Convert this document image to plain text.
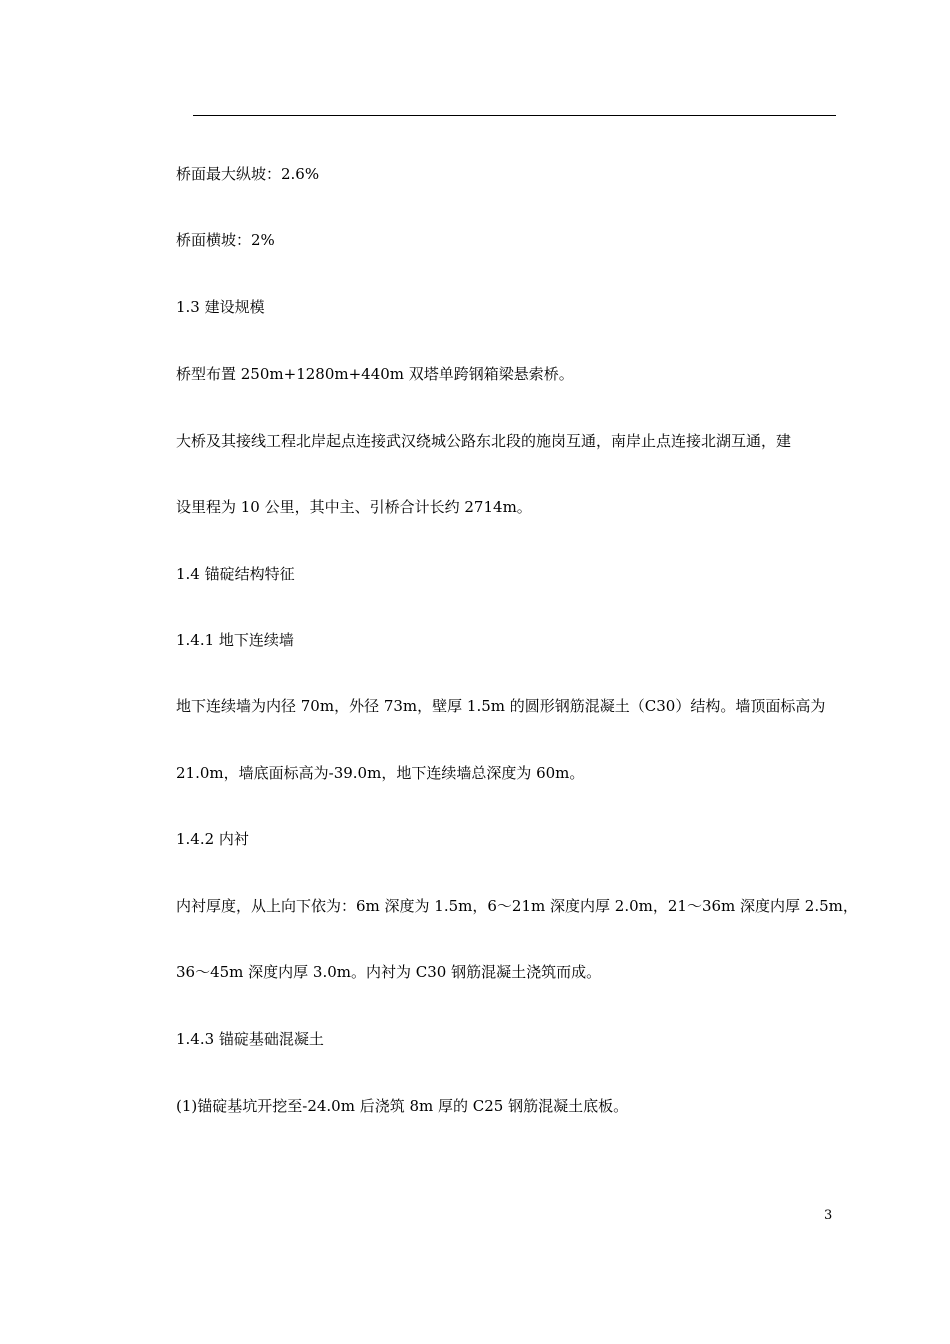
桥面最大纵坡：2.6%
桥面横坡：2%
1.3 建设规模
桥型布置 250m+1280m+440m 双塔单跨钢箱梁悬索桥。
大桥及其接线工程北岸起点连接武汉绕城公路东北段的施岗互通，南岸止点连接北湖互通，建
设里程为 10 公里，其中主、引桥合计长约 2714m。
1.4 锚碇结构特征
1.4.1 地下连续墙
地下连续墙为内径 70m，外径 73m，壁厚 1.5m 的圆形钢筋混凝土（C30）结构。墙顶面标高为
21.0m，墙底面标高为-39.0m，地下连续墙总深度为 60m。
1.4.2 内衬
内衬厚度，从上向下依为：6m 深度为 1.5m，6～21m 深度内厚 2.0m，21～36m 深度内厚 2.5m，
36～45m 深度内厚 3.0m。内衬为 C30 钢筋混凝土浇筑而成。
1.4.3 锚碇基础混凝土
(1)锚碇基坑开挖至-24.0m 后浇筑 8m 厚的 C25 钢筋混凝土底板。
3
